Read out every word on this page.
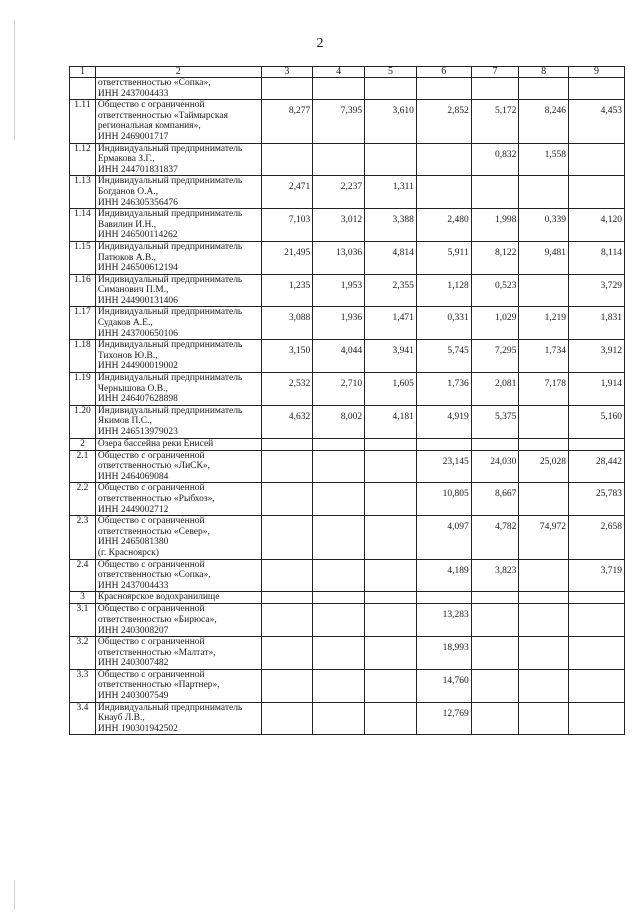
2
1	2	3	4	5	6	7	8	9

	ответственностью «Сопка»,
ИНН 2437004433							

1.11	Общество с ограниченной
ответственностью «Таймырская
региональная компания»,
ИНН 2469001717	8,277	7,395	3,610	2,852	5,172	8,246	4,453
1.12	Индивидуальный предприниматель
Ермакова З.Г.,
ИНН 244701831837					0,832	1,558	
1.13	Индивидуальный предприниматель
Богданов О.А.,
ИНН 246305356476	2,471	2,237	1,311				
1.14	Индивидуальный предприниматель
Вавилин И.Н.,
ИНН 246500114262	7,103	3,012	3,388	2,480	1,998	0,339	4,120
1.15	Индивидуальный предприниматель
Патюков А.В.,
ИНН 246500612194	21,495	13,036	4,814	5,911	8,122	9,481	8,114
1.16	Индивидуальный предприниматель
Симанович П.М.,
ИНН 244900131406	1,235	1,953	2,355	1,128	0,523		3,729
1.17	Индивидуальный предприниматель
Судаков А.Е.,
ИНН 243700650106	3,088	1,936	1,471	0,331	1,029	1,219	1,831
1.18	Индивидуальный предприниматель
Тихонов Ю.В.,
ИНН 244900019002	3,150	4,044	3,941	5,745	7,295	1,734	3,912
1.19	Индивидуальный предприниматель
Чернышова О.В.,
ИНН 246407628898	2,532	2,710	1,605	1,736	2,081	7,178	1,914
1.20	Индивидуальный предприниматель
Якимов П.С.,
ИНН 246513979023	4,632	8,002	4,181	4,919	5,375		5,160
2	Озера бассейна реки Енисей							
2.1	Общество с ограниченной
ответственностью «ЛиСК»,
ИНН 2464069084				23,145	24,030	25,028	28,442
2.2	Общество с ограниченной
ответственностью «Рыбхоз»,
ИНН 2449002712				10,805	8,667		25,783
2.3	Общество с ограниченной
ответственностью «Север»,
ИНН 2465081380
(г. Красноярск)				4,097	4,782	74,972	2,658
2.4	Общество с ограниченной
ответственностью «Сопка»,
ИНН 2437004433				4,189	3,823		3,719
3	Красноярское водохранилище							
3.1	Общество с ограниченной
ответственностью «Бирюса»,
ИНН 2403008207				13,283			
3.2	Общество с ограниченной
ответственностью «Малтат»,
ИНН 2403007482				18,993			
3.3	Общество с ограниченной
ответственностью «Партнер»,
ИНН 2403007549				14,760			
3.4	Индивидуальный предприниматель
Кнауб Л.В.,
ИНН 190301942502				12,769			
